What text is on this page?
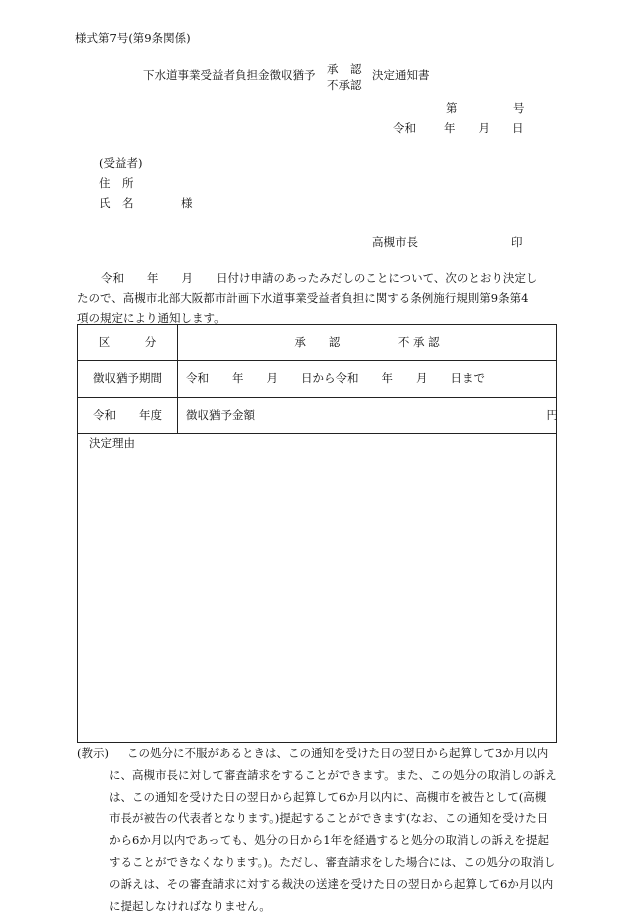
様式第7号(第9条関係)
下水道事業受益者負担金徴収猶予 承　認
不承認
決定通知書
第	号
令和 年 月 日
(受益者)
住　所
氏　名	様
高槻市長	印

令和　　年　　月　　日付け申請のあったみだしのことについて、次のとおり決定し

たので、高槻市北部大阪都市計画下水道事業受益者負担に関する条例施行規則第9条第4

項の規定により通知します。

区　　　分	承　　認　　　　　不 承 認
徴収猶予期間	令和　　年　　月　　日から令和　　年　　月　　日まで
令和　　年度	徴収猶予金額 円

決定理由	
(教示)	この処分に不服があるときは、この通知を受けた日の翌日から起算して3か月以内に、高槻市長に対して審査請求をすることができます。また、この処分の取消しの訴えは、この通知を受けた日の翌日から起算して6か月以内に、高槻市を被告として(高槻市長が被告の代表者となります。)提起することができます(なお、この通知を受けた日から6か月以内であっても、処分の日から1年を経過すると処分の取消しの訴えを提起することができなくなります。)。ただし、審査請求をした場合には、この処分の取消しの訴えは、その審査請求に対する裁決の送達を受けた日の翌日から起算して6か月以内に提起しなければなりません。
